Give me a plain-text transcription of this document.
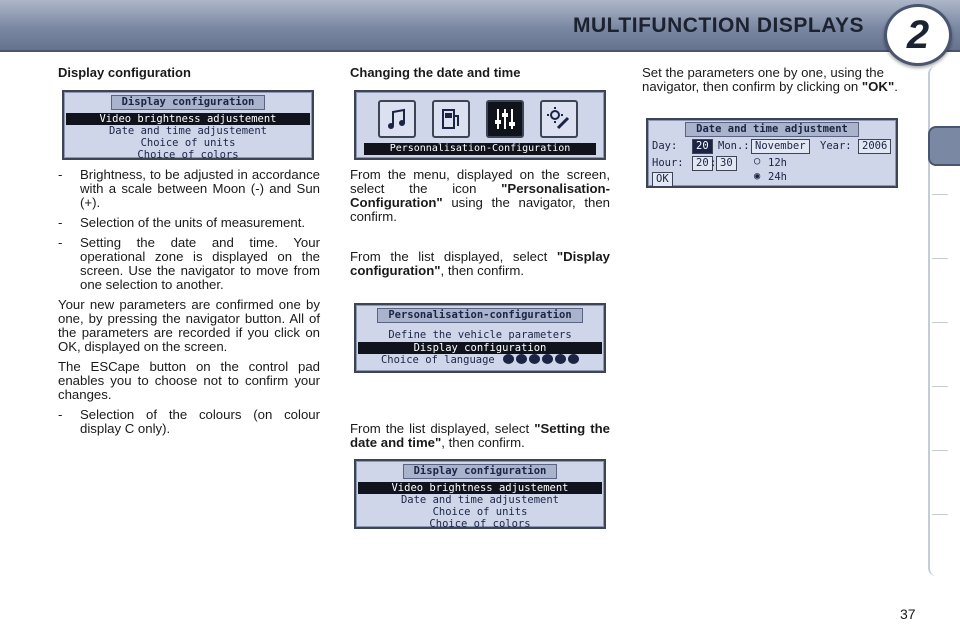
MULTIFUNCTION DISPLAYS	2
Display configuration
Display configuration
Video brightness adjustement
Date and time adjustement
Choice of units
Choice of colors
-	Brightness, to be adjusted in accordance with a scale between Moon (-) and Sun (+).
-	Selection of the units of measurement.
-	Setting the date and time. Your operational zone is displayed on the screen. Use the navigator to move from one selection to another.
Your new parameters are confirmed one by one, by pressing the navigator button. All of the parameters are recorded if you click on OK, displayed on the screen.
The ESCape button on the control pad enables you to choose not to confirm your changes.
-	Selection of the colours (on colour display C only).
Changing the date and time
Personnalisation-Configuration
From the menu, displayed on the screen, select the icon "Personalisation-Configuration" using the navigator, then confirm.
From the list displayed, select "Display configuration", then confirm.
Personalisation-configuration
Define the vehicle parameters
Display configuration
Choice of language
From the list displayed, select "Setting the date and time", then confirm.
Display configuration
Video brightness adjustement
Date and time adjustement
Choice of units
Choice of colors
Set the parameters one by one, using the navigator, then confirm by clicking on "OK".
Date and time adjustment
Day:	20 Mon.: November	Year: 2006
Hour:	20 : 30	○ 12h
◉ 24h
OK
37
